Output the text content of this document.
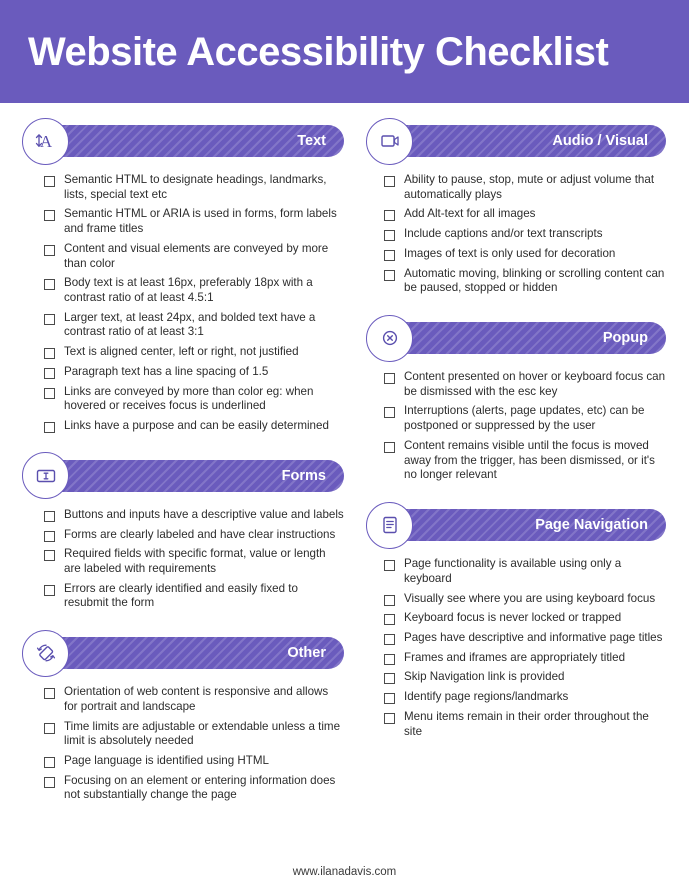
Website Accessibility Checklist
Text
A
Semantic HTML to designate headings, landmarks, lists, special text etc
Semantic HTML or ARIA is used in forms, form labels and frame titles
Content and visual elements are conveyed by more than color
Body text is at least 16px, preferably 18px with a contrast ratio of at least 4.5:1
Larger text, at least 24px, and bolded text have a contrast ratio of at least 3:1
Text is aligned center, left or right, not justified
Paragraph text has a line spacing of 1.5
Links are conveyed by more than color eg: when hovered or receives focus is underlined
Links have a purpose and can be easily determined
Forms
Buttons and inputs have a descriptive value and labels
Forms are clearly labeled and have clear instructions
Required fields with specific format, value or length are labeled with requirements
Errors are clearly identified and easily fixed to resubmit the form
Other
Orientation of web content is responsive and allows for portrait and landscape
Time limits are adjustable or extendable unless a time limit is absolutely needed
Page language is identified using HTML
Focusing on an element or entering information does not substantially change the page
Audio / Visual
Ability to pause, stop, mute or adjust volume that automatically plays
Add Alt-text for all images
Include captions and/or text transcripts
Images of text is only used for decoration
Automatic moving, blinking or scrolling content can be paused, stopped or hidden
Popup
Content presented on hover or keyboard focus can be dismissed with the esc key
Interruptions (alerts, page updates, etc) can be postponed or suppressed by the user
Content remains visible until the focus is moved away from the trigger, has been dismissed, or it's no longer relevant
Page Navigation
Page functionality is available using only a keyboard
Visually see where you are using keyboard focus
Keyboard focus is never locked or trapped
Pages have descriptive and informative page titles
Frames and iframes are appropriately titled
Skip Navigation link is provided
Identify page regions/landmarks
Menu items remain in their order throughout the site
www.ilanadavis.com
